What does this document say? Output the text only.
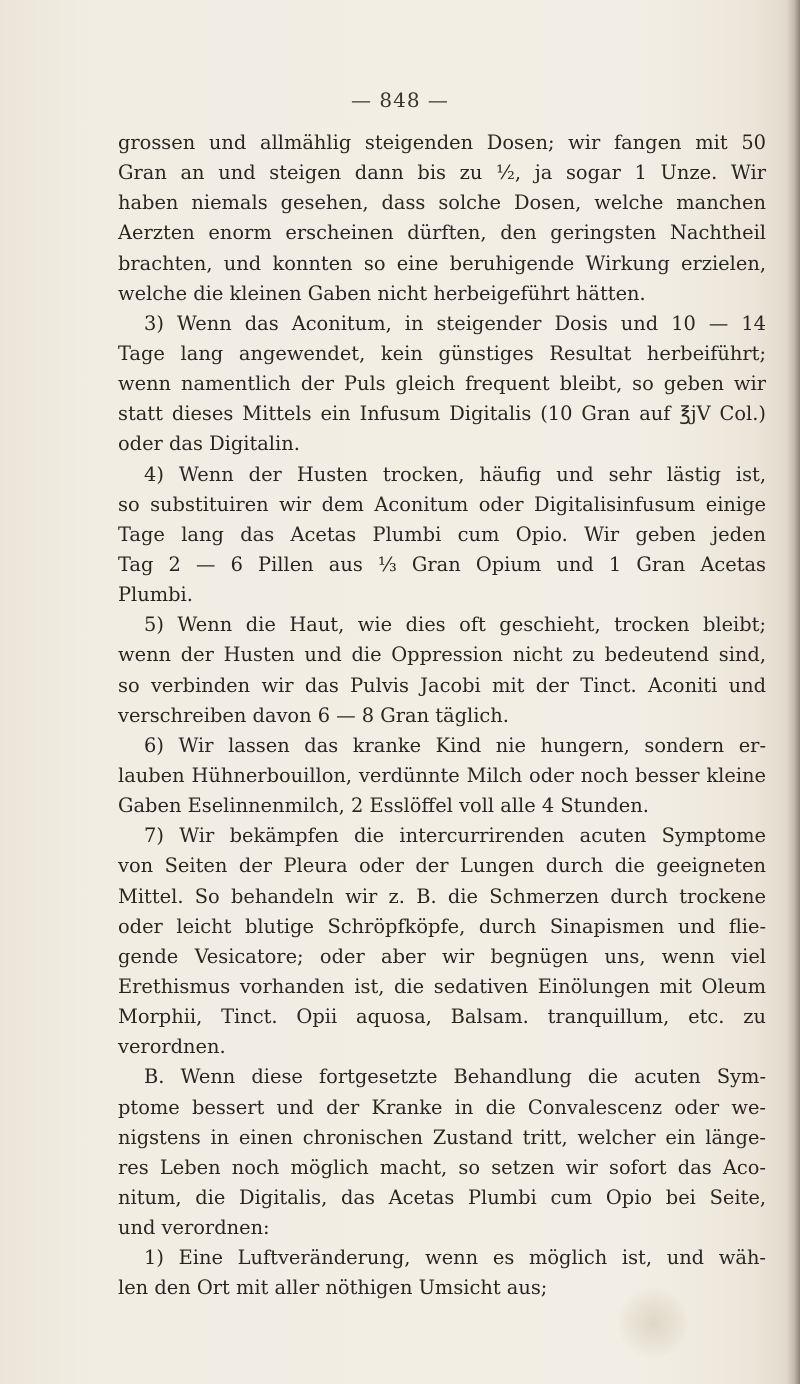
— 848 —
grossen und allmählig steigenden Dosen; wir fangen mit 50
Gran an und steigen dann bis zu ½, ja sogar 1 Unze. Wir
haben niemals gesehen, dass solche Dosen, welche manchen
Aerzten enorm erscheinen dürften, den geringsten Nachtheil
brachten, und konnten so eine beruhigende Wirkung erzielen,
welche die kleinen Gaben nicht herbeigeführt hätten.
3) Wenn das Aconitum, in steigender Dosis und 10 — 14
Tage lang angewendet, kein günstiges Resultat herbeiführt;
wenn namentlich der Puls gleich frequent bleibt, so geben wir
statt dieses Mittels ein Infusum Digitalis (10 Gran auf ℥jV Col.)
oder das Digitalin.
4) Wenn der Husten trocken, häufig und sehr lästig ist,
so substituiren wir dem Aconitum oder Digitalisinfusum einige
Tage lang das Acetas Plumbi cum Opio. Wir geben jeden
Tag 2 — 6 Pillen aus ⅓ Gran Opium und 1 Gran Acetas
Plumbi.
5) Wenn die Haut, wie dies oft geschieht, trocken bleibt;
wenn der Husten und die Oppression nicht zu bedeutend sind,
so verbinden wir das Pulvis Jacobi mit der Tinct. Aconiti und
verschreiben davon 6 — 8 Gran täglich.
6) Wir lassen das kranke Kind nie hungern, sondern er-
lauben Hühnerbouillon, verdünnte Milch oder noch besser kleine
Gaben Eselinnenmilch, 2 Esslöffel voll alle 4 Stunden.
7) Wir bekämpfen die intercurrirenden acuten Symptome
von Seiten der Pleura oder der Lungen durch die geeigneten
Mittel. So behandeln wir z. B. die Schmerzen durch trockene
oder leicht blutige Schröpfköpfe, durch Sinapismen und flie-
gende Vesicatore; oder aber wir begnügen uns, wenn viel
Erethismus vorhanden ist, die sedativen Einölungen mit Oleum
Morphii, Tinct. Opii aquosa, Balsam. tranquillum, etc. zu
verordnen.
B. Wenn diese fortgesetzte Behandlung die acuten Sym-
ptome bessert und der Kranke in die Convalescenz oder we-
nigstens in einen chronischen Zustand tritt, welcher ein länge-
res Leben noch möglich macht, so setzen wir sofort das Aco-
nitum, die Digitalis, das Acetas Plumbi cum Opio bei Seite,
und verordnen:
1) Eine Luftveränderung, wenn es möglich ist, und wäh-
len den Ort mit aller nöthigen Umsicht aus;
